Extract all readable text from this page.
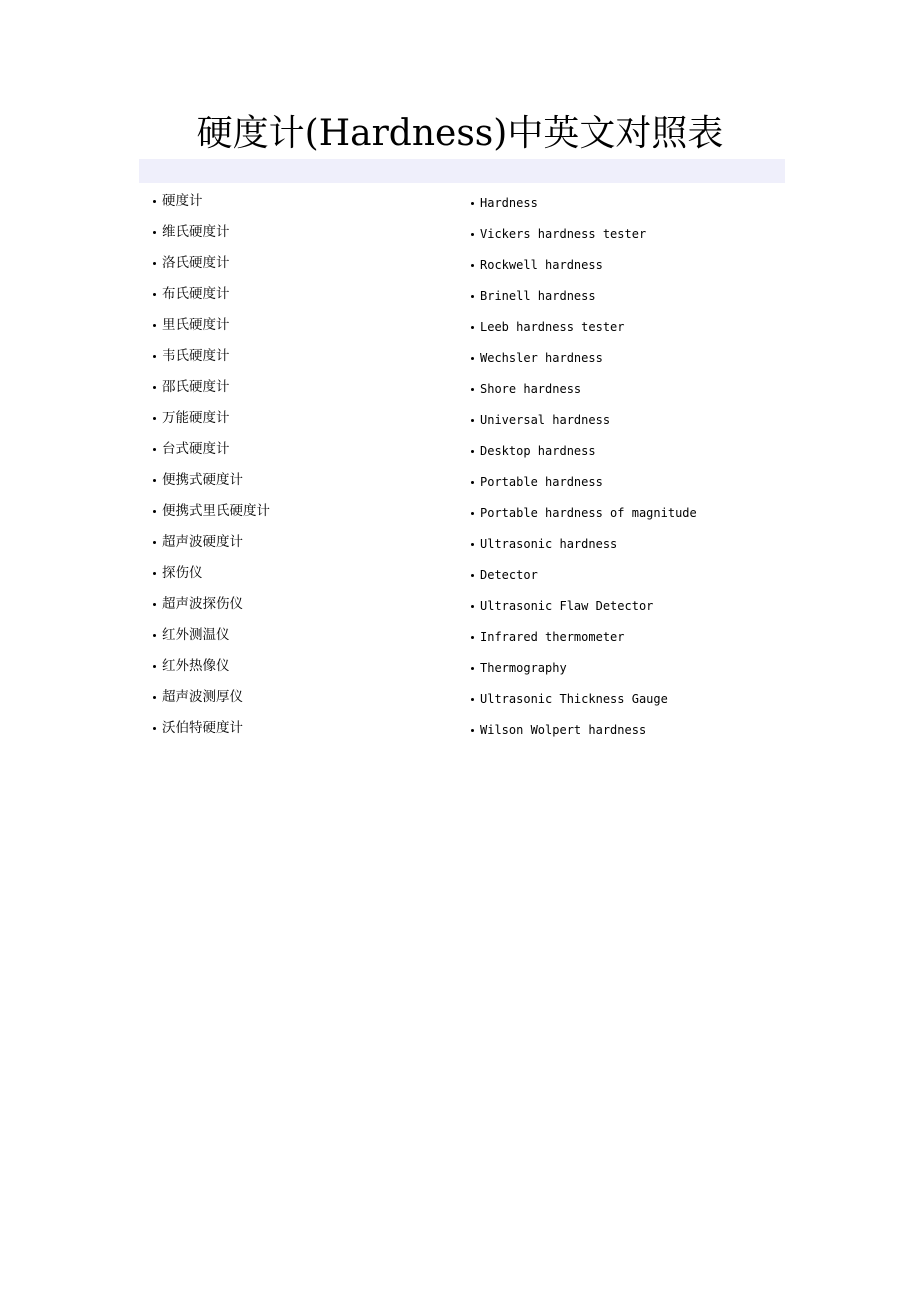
硬度计(Hardness)中英文对照表
硬度计
维氏硬度计
洛氏硬度计
布氏硬度计
里氏硬度计
韦氏硬度计
邵氏硬度计
万能硬度计
台式硬度计
便携式硬度计
便携式里氏硬度计
超声波硬度计
探伤仪
超声波探伤仪
红外测温仪
红外热像仪
超声波测厚仪
沃伯特硬度计
Hardness
Vickers hardness tester
Rockwell hardness
Brinell hardness
Leeb hardness tester
Wechsler hardness
Shore hardness
Universal hardness
Desktop hardness
Portable hardness
Portable hardness of magnitude
Ultrasonic hardness
Detector
Ultrasonic Flaw Detector
Infrared thermometer
Thermography
Ultrasonic Thickness Gauge
Wilson Wolpert hardness
